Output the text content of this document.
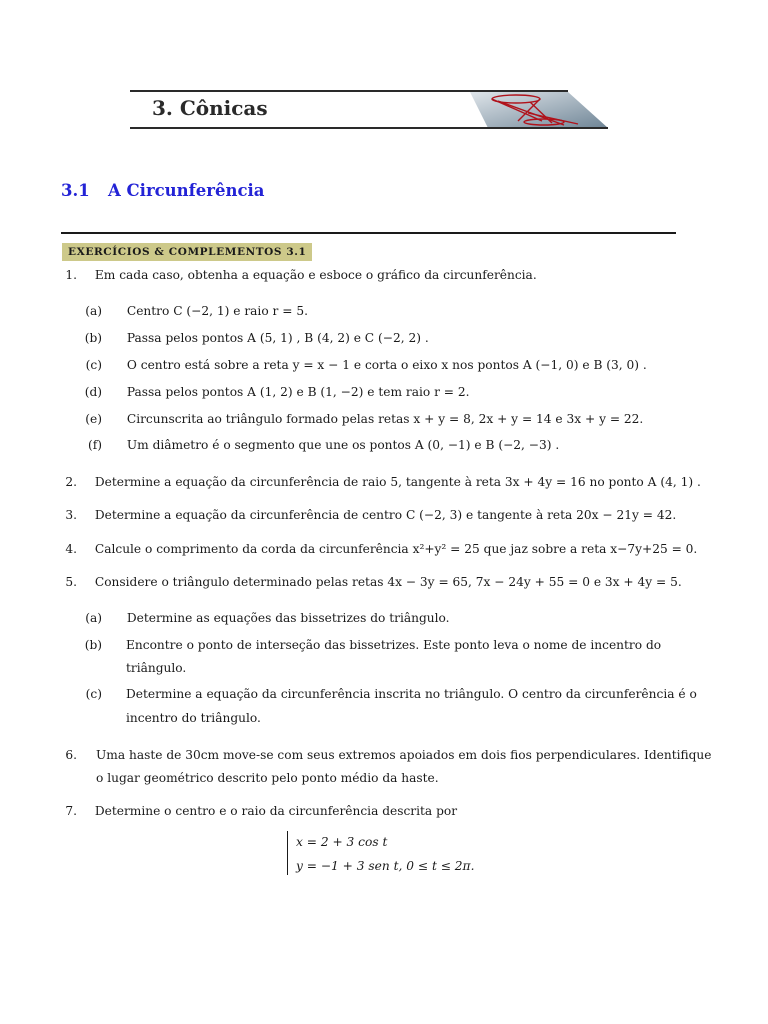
3. Cônicas
3.1 A Circunferência
EXERCÍCIOS & COMPLEMENTOS 3.1
1. Em cada caso, obtenha a equação e esboce o gráfico da circunferência.
(a) Centro C (−2, 1) e raio r = 5.
(b) Passa pelos pontos A (5, 1) , B (4, 2) e C (−2, 2) .
(c) O centro está sobre a reta y = x − 1 e corta o eixo x nos pontos A (−1, 0) e B (3, 0) .
(d) Passa pelos pontos A (1, 2) e B (1, −2) e tem raio r = 2.
(e) Circunscrita ao triângulo formado pelas retas x + y = 8, 2x + y = 14 e 3x + y = 22.
(f) Um diâmetro é o segmento que une os pontos A (0, −1) e B (−2, −3) .
2. Determine a equação da circunferência de raio 5, tangente à reta 3x + 4y = 16 no ponto A (4, 1) .
3. Determine a equação da circunferência de centro C (−2, 3) e tangente à reta 20x − 21y = 42.
4. Calcule o comprimento da corda da circunferência x²+y² = 25 que jaz sobre a reta x−7y+25 = 0.
5. Considere o triângulo determinado pelas retas 4x − 3y = 65, 7x − 24y + 55 = 0 e 3x + 4y = 5.
(a) Determine as equações das bissetrizes do triângulo.
(b) Encontre o ponto de interseção das bissetrizes. Este ponto leva o nome de incentro do
triângulo.
(c) Determine a equação da circunferência inscrita no triângulo. O centro da circunferência é o
incentro do triângulo.
6. Uma haste de 30cm move-se com seus extremos apoiados em dois fios perpendiculares. Identifique
o lugar geométrico descrito pelo ponto médio da haste.
7. Determine o centro e o raio da circunferência descrita por
x = 2 + 3 cos t
y = −1 + 3 sen t, 0 ≤ t ≤ 2π.
